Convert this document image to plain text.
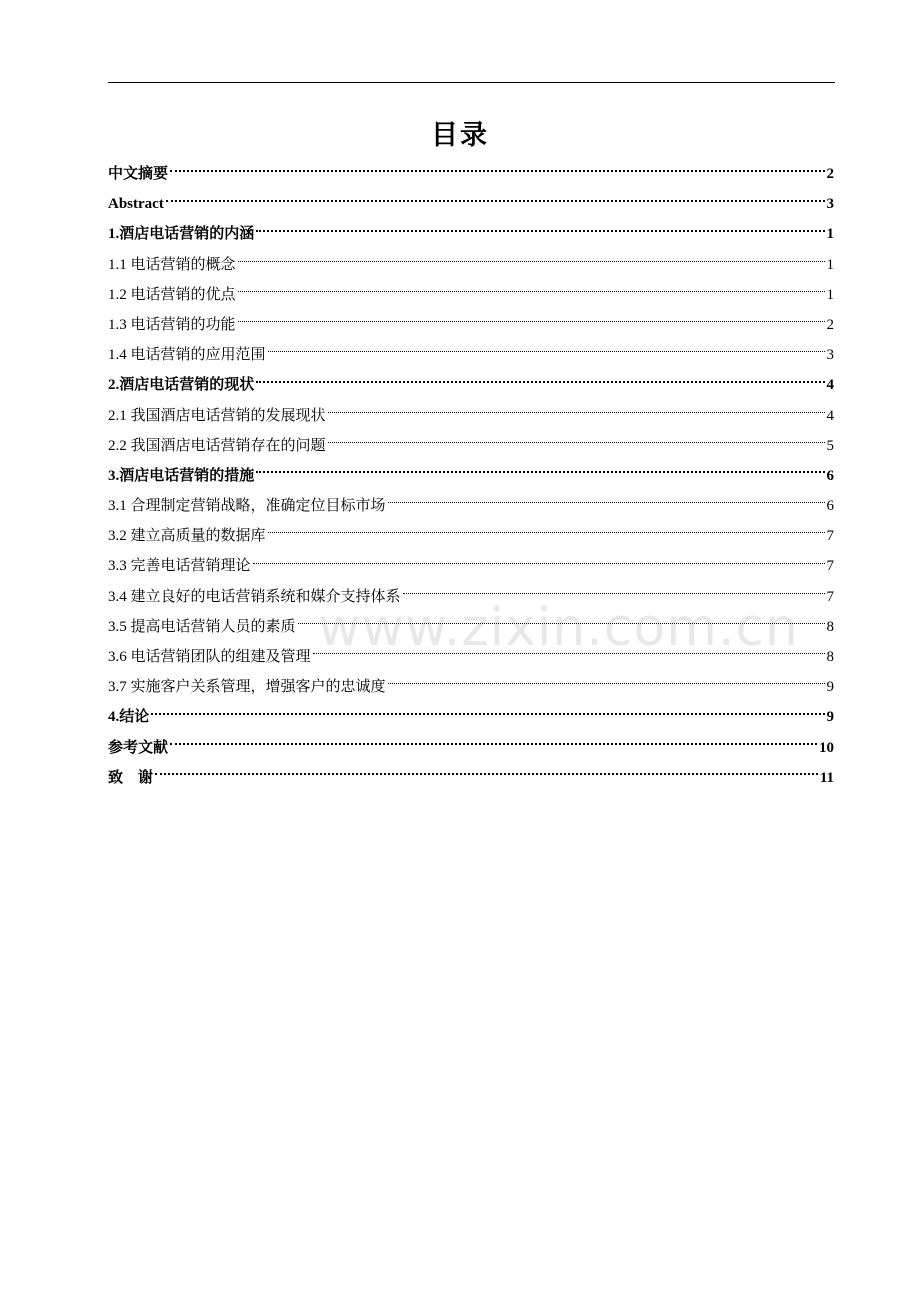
目录
中文摘要	2
Abstract	3
1.酒店电话营销的内涵	1
1.1 电话营销的概念	1
1.2 电话营销的优点	1
1.3 电话营销的功能	2
1.4 电话营销的应用范围	3
2.酒店电话营销的现状	4
2.1 我国酒店电话营销的发展现状	4
2.2 我国酒店电话营销存在的问题	5
3.酒店电话营销的措施	6
3.1 合理制定营销战略，准确定位目标市场	6
3.2 建立高质量的数据库	7
3.3 完善电话营销理论	7
3.4 建立良好的电话营销系统和媒介支持体系	7
3.5 提高电话营销人员的素质	8
3.6 电话营销团队的组建及管理	8
3.7 实施客户关系管理，增强客户的忠诚度	9
4.结论	9
参考文献	10
致    谢	11
www.zixin.com.cn
